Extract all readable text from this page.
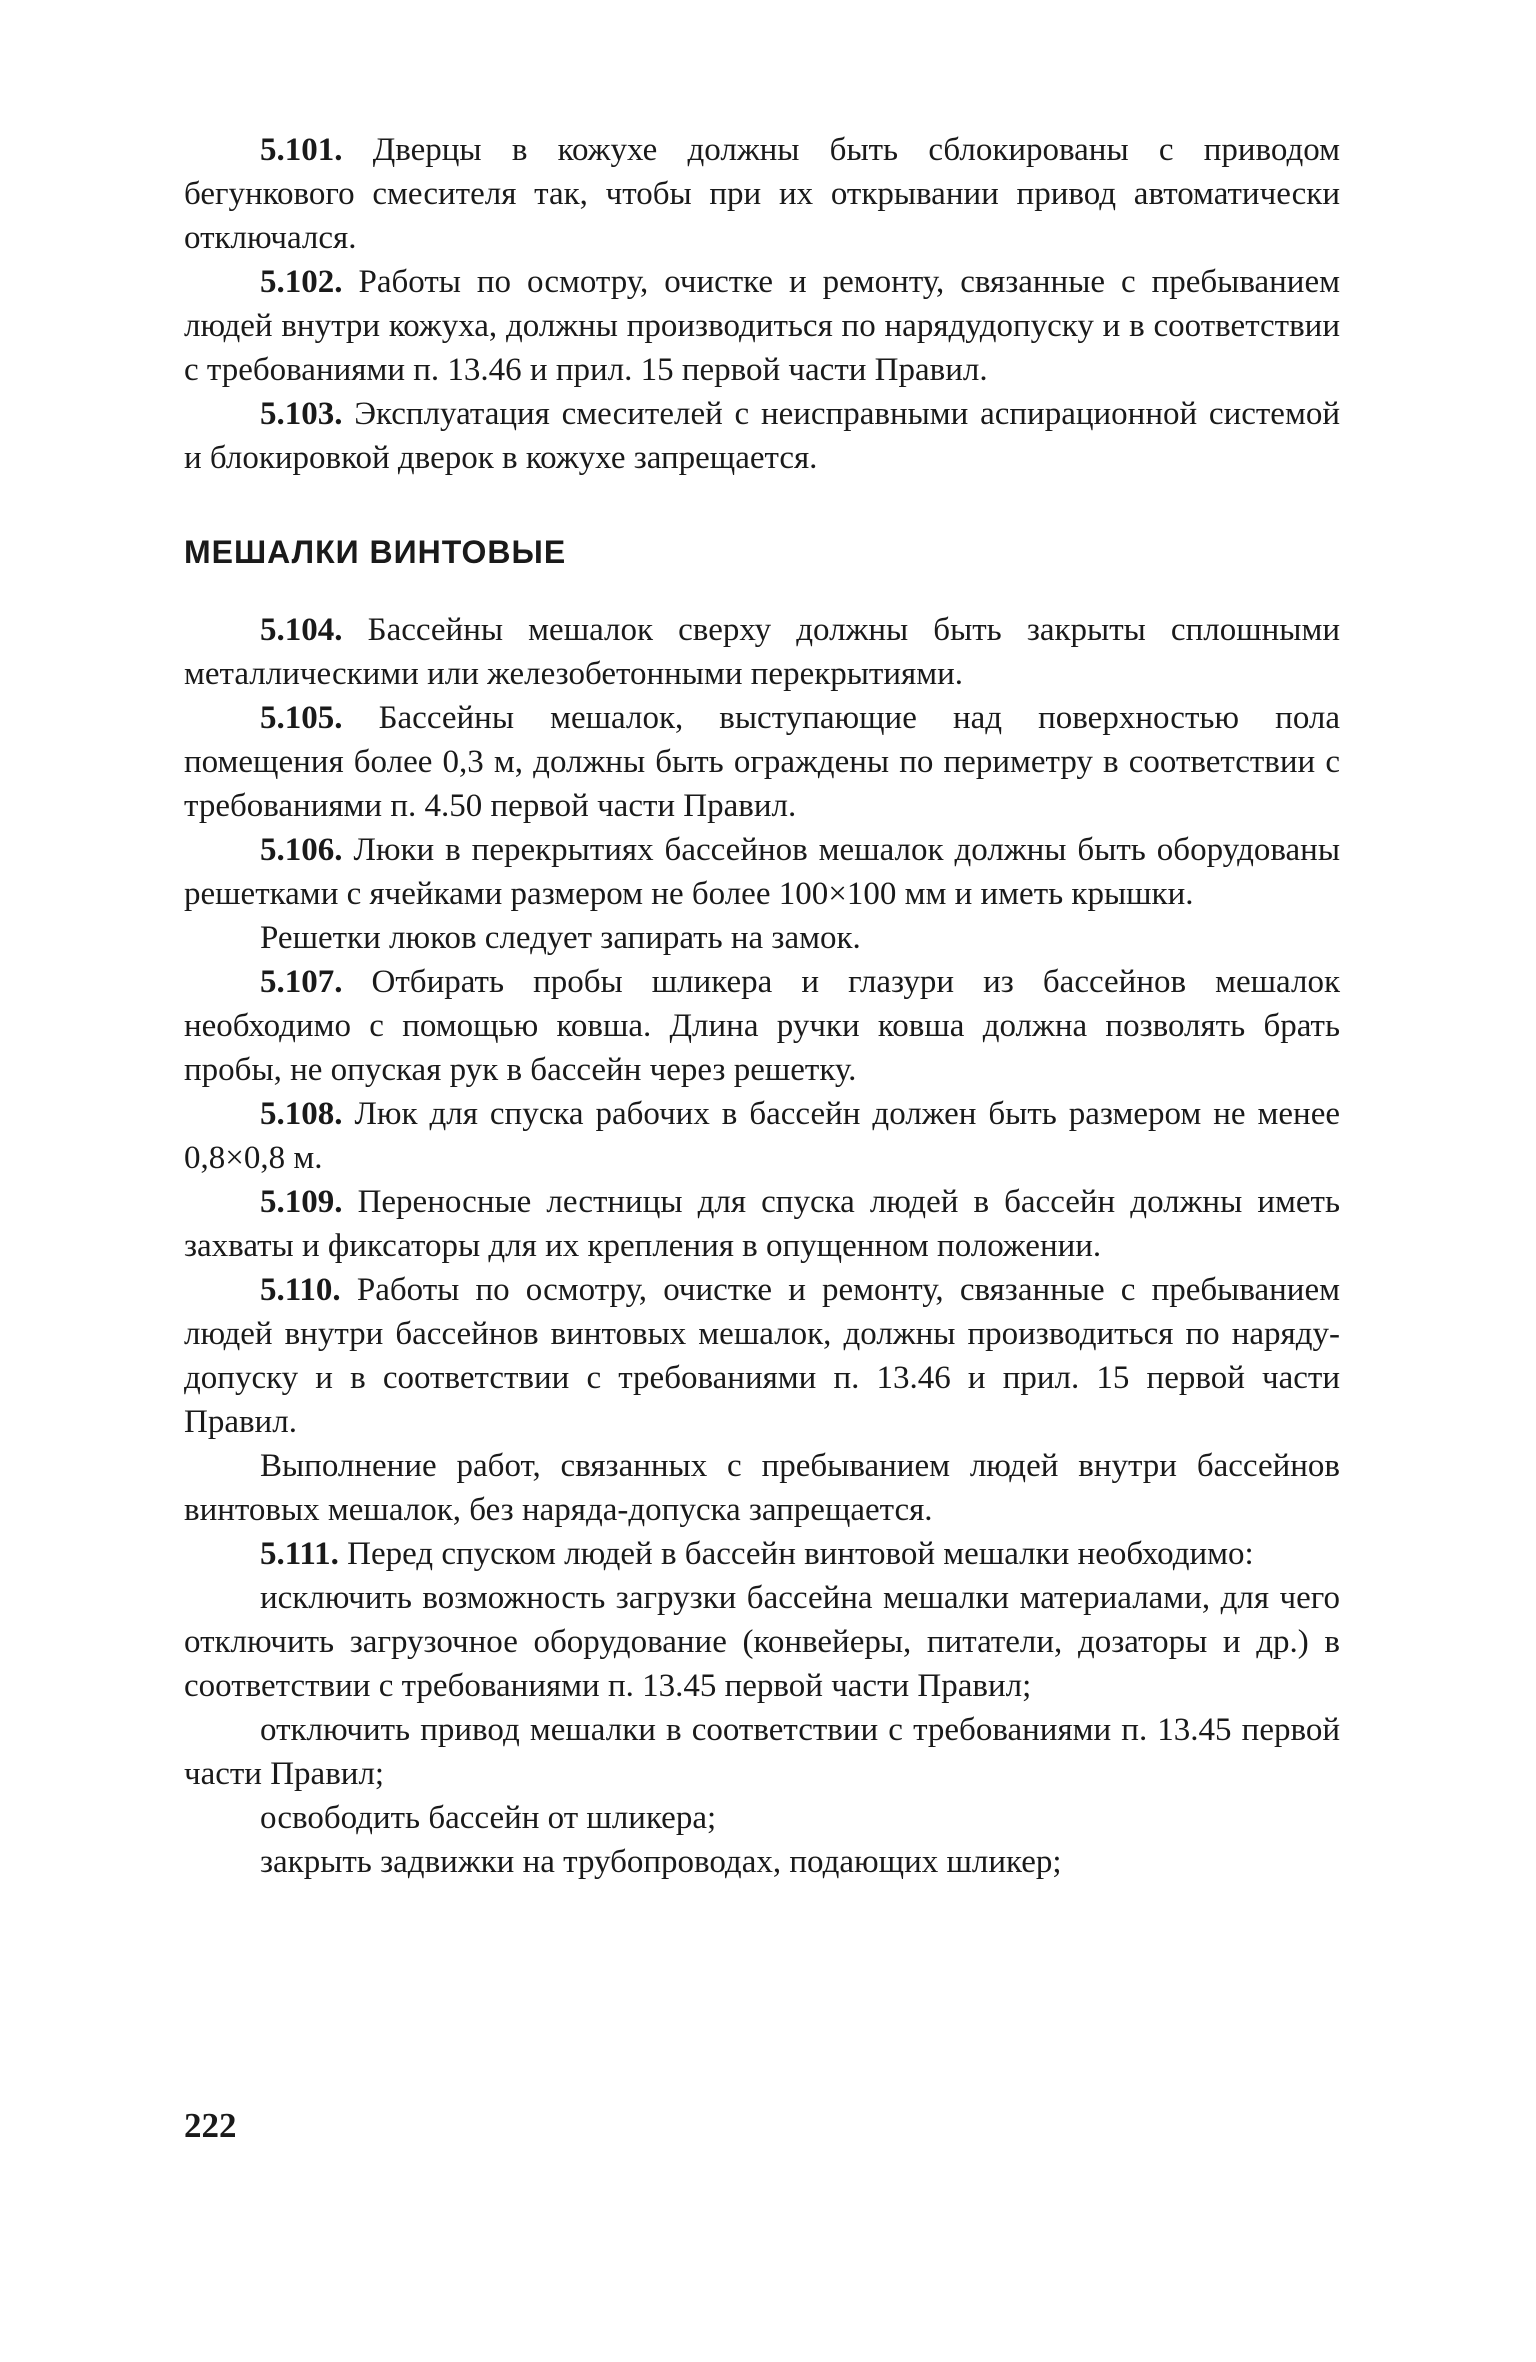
5.101. Дверцы в кожухе должны быть сблокированы с приводом бегункового смесителя так, чтобы при их открывании привод автоматически отключался.

5.102. Работы по осмотру, очистке и ремонту, связанные с пребыванием людей внутри кожуха, должны производиться по нарядудопуску и в соответствии с требованиями п. 13.46 и прил. 15 первой части Правил.

5.103. Эксплуатация смесителей с неисправными аспирационной системой и блокировкой дверок в кожухе запрещается.

МЕШАЛКИ ВИНТОВЫЕ

5.104. Бассейны мешалок сверху должны быть закрыты сплошными металлическими или железобетонными перекрытиями.

5.105. Бассейны мешалок, выступающие над поверхностью пола помещения более 0,3 м, должны быть ограждены по периметру в соответствии с требованиями п. 4.50 первой части Правил.

5.106. Люки в перекрытиях бассейнов мешалок должны быть оборудованы решетками с ячейками размером не более 100×100 мм и иметь крышки.

Решетки люков следует запирать на замок.

5.107. Отбирать пробы шликера и глазури из бассейнов мешалок необходимо с помощью ковша. Длина ручки ковша должна позволять брать пробы, не опуская рук в бассейн через решетку.

5.108. Люк для спуска рабочих в бассейн должен быть размером не менее 0,8×0,8 м.

5.109. Переносные лестницы для спуска людей в бассейн должны иметь захваты и фиксаторы для их крепления в опущенном положении.

5.110. Работы по осмотру, очистке и ремонту, связанные с пребыванием людей внутри бассейнов винтовых мешалок, должны производиться по наряду-допуску и в соответствии с требованиями п. 13.46 и прил. 15 первой части Правил.

Выполнение работ, связанных с пребыванием людей внутри бассейнов винтовых мешалок, без наряда-допуска запрещается.

5.111. Перед спуском людей в бассейн винтовой мешалки необходимо:

исключить возможность загрузки бассейна мешалки материалами, для чего отключить загрузочное оборудование (конвейеры, питатели, дозаторы и др.) в соответствии с требованиями п. 13.45 первой части Правил;

отключить привод мешалки в соответствии с требованиями п. 13.45 первой части Правил;

освободить бассейн от шликера;

закрыть задвижки на трубопроводах, подающих шликер;

222
